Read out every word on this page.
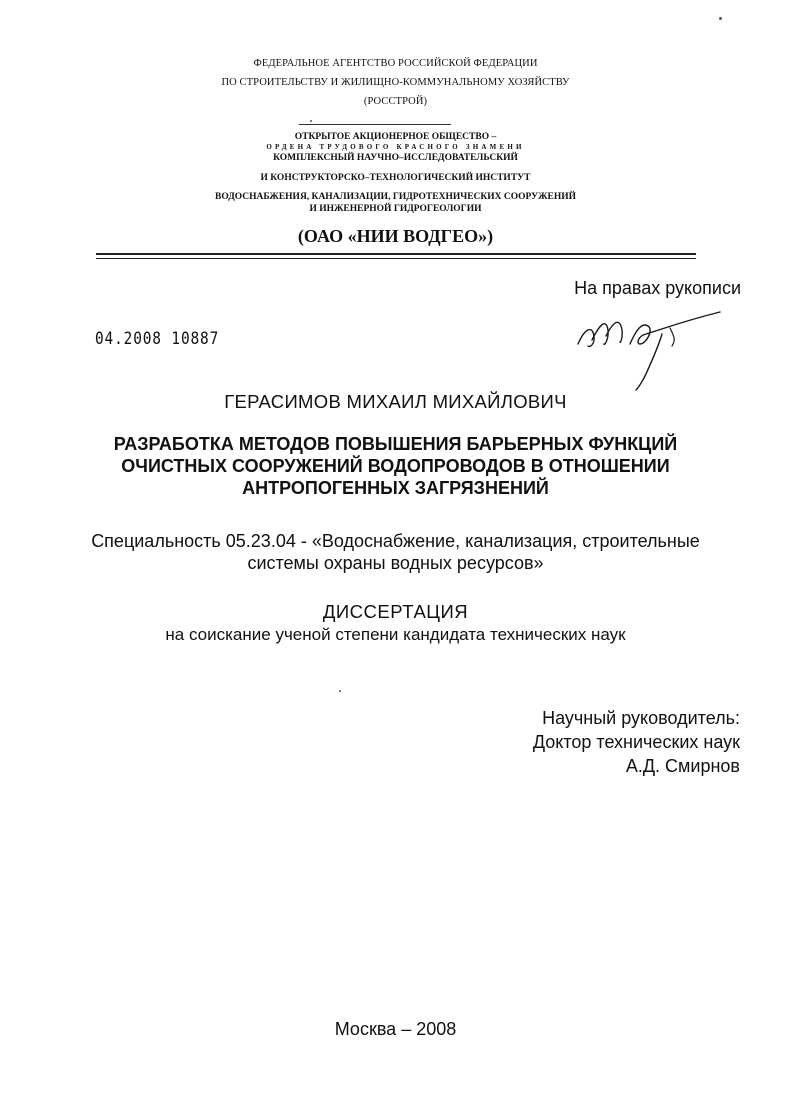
ФЕДЕРАЛЬНОЕ АГЕНТСТВО РОССИЙСКОЙ ФЕДЕРАЦИИ
ПО СТРОИТЕЛЬСТВУ И ЖИЛИЩНО-КОММУНАЛЬНОМУ ХОЗЯЙСТВУ
(РОССТРОЙ)
ОТКРЫТОЕ АКЦИОНЕРНОЕ ОБЩЕСТВО –
ОРДЕНА ТРУДОВОГО КРАСНОГО ЗНАМЕНИ
КОМПЛЕКСНЫЙ НАУЧНО–ИССЛЕДОВАТЕЛЬСКИЙ
И КОНСТРУКТОРСКО–ТЕХНОЛОГИЧЕСКИЙ ИНСТИТУТ
ВОДОСНАБЖЕНИЯ, КАНАЛИЗАЦИИ, ГИДРОТЕХНИЧЕСКИХ СООРУЖЕНИЙ
И ИНЖЕНЕРНОЙ ГИДРОГЕОЛОГИИ
(ОАО «НИИ ВОДГЕО»)
На правах рукописи
04.2008 10887
ГЕРАСИМОВ МИХАИЛ МИХАЙЛОВИЧ
РАЗРАБОТКА МЕТОДОВ ПОВЫШЕНИЯ БАРЬЕРНЫХ ФУНКЦИЙ
ОЧИСТНЫХ СООРУЖЕНИЙ ВОДОПРОВОДОВ В ОТНОШЕНИИ
АНТРОПОГЕННЫХ ЗАГРЯЗНЕНИЙ
Специальность 05.23.04 - «Водоснабжение, канализация, строительные
системы охраны водных ресурсов»
ДИССЕРТАЦИЯ
на соискание ученой степени кандидата технических наук
Научный руководитель:
Доктор технических наук
А.Д. Смирнов
Москва – 2008
